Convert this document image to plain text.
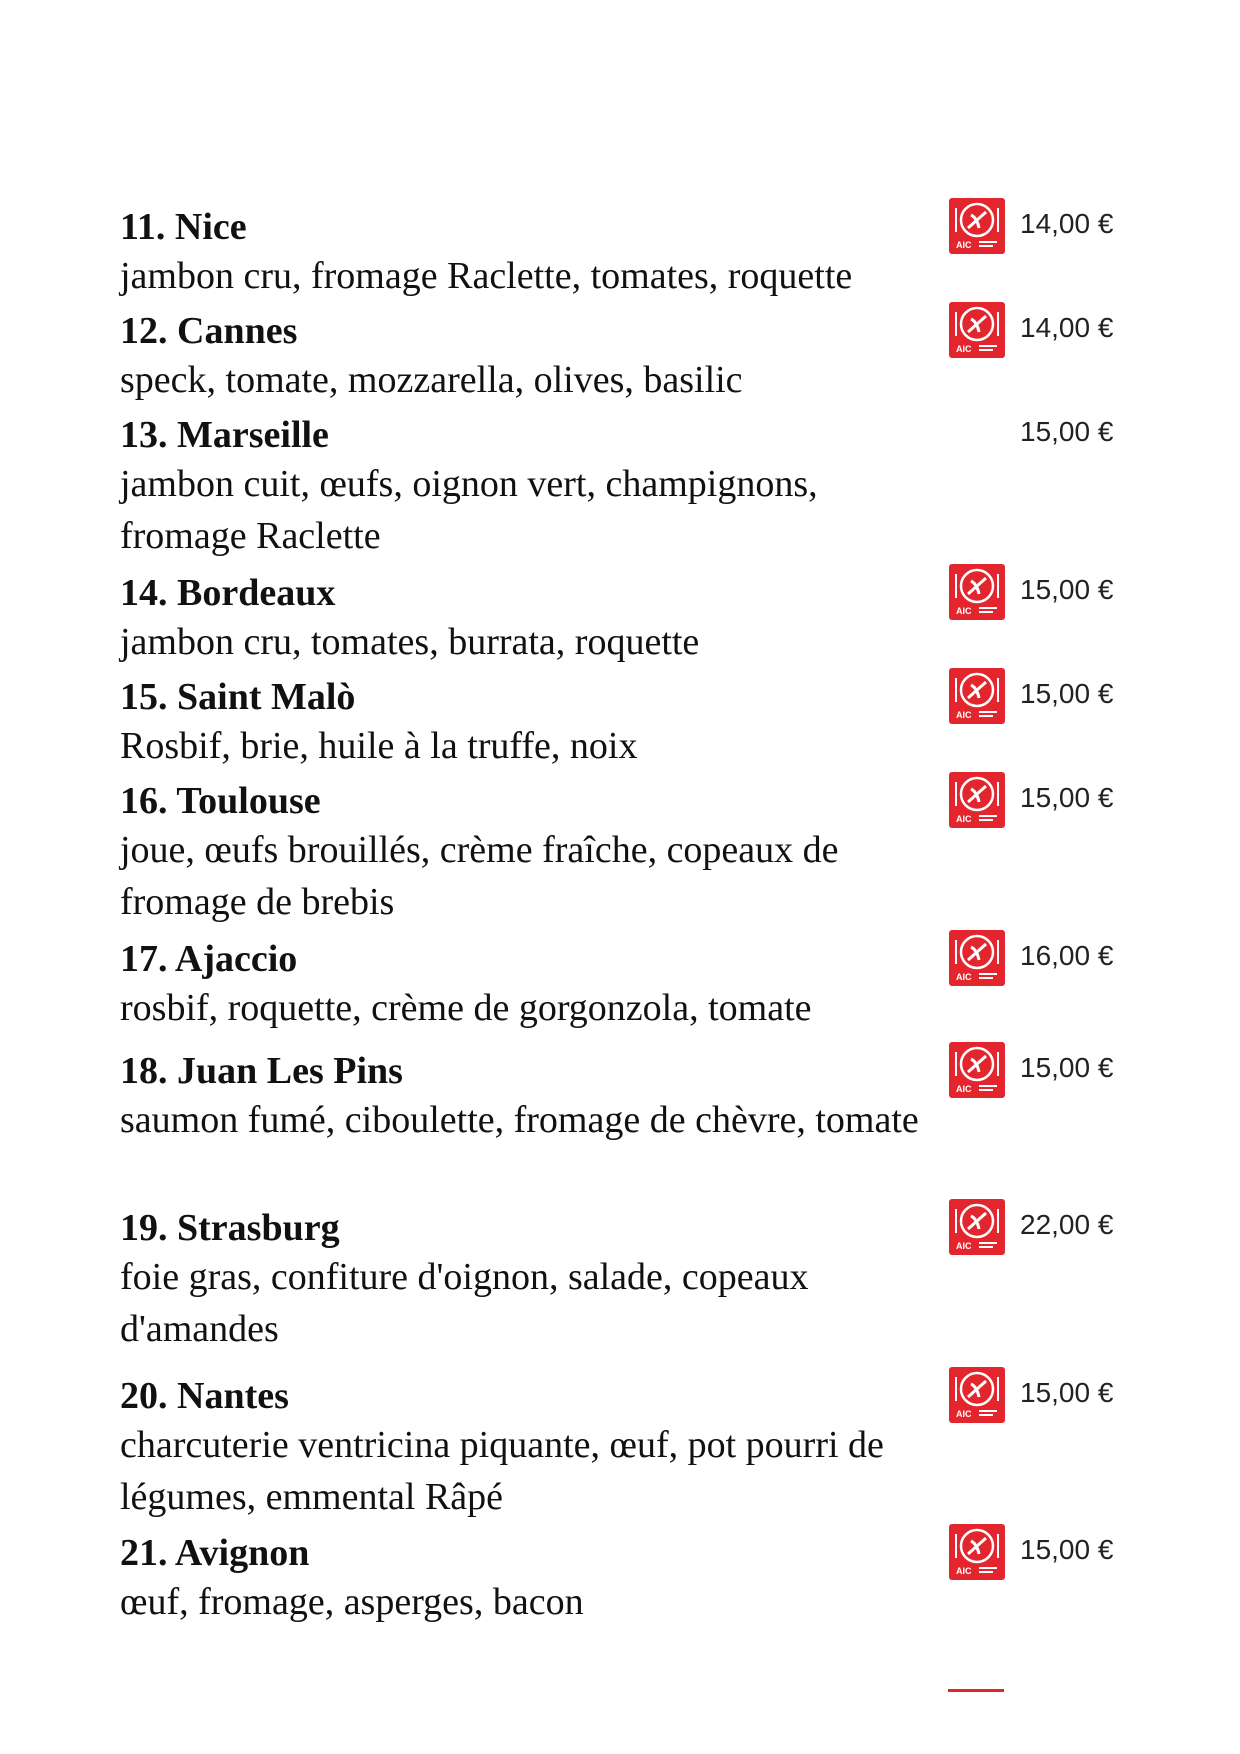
11. Nice
jambon cru, fromage Raclette, tomates, roquette
AIC
14,00 €
12. Cannes
speck, tomate, mozzarella, olives, basilic
AIC
14,00 €
13. Marseille
jambon cuit, œufs, oignon vert, champignons, fromage Raclette
15,00 €
14. Bordeaux
jambon cru, tomates, burrata, roquette
AIC
15,00 €
15. Saint Malò
Rosbif, brie, huile à la truffe, noix
AIC
15,00 €
16. Toulouse
joue, œufs brouillés, crème fraîche, copeaux de fromage de brebis
AIC
15,00 €
17. Ajaccio
rosbif, roquette, crème de gorgonzola, tomate
AIC
16,00 €
18. Juan Les Pins
saumon fumé, ciboulette, fromage de chèvre, tomate
AIC
15,00 €
19. Strasburg
foie gras, confiture d'oignon, salade, copeaux d'amandes
AIC
22,00 €
20. Nantes
charcuterie ventricina piquante, œuf, pot pourri de légumes, emmental Râpé
AIC
15,00 €
21. Avignon
œuf, fromage, asperges, bacon
AIC
15,00 €
